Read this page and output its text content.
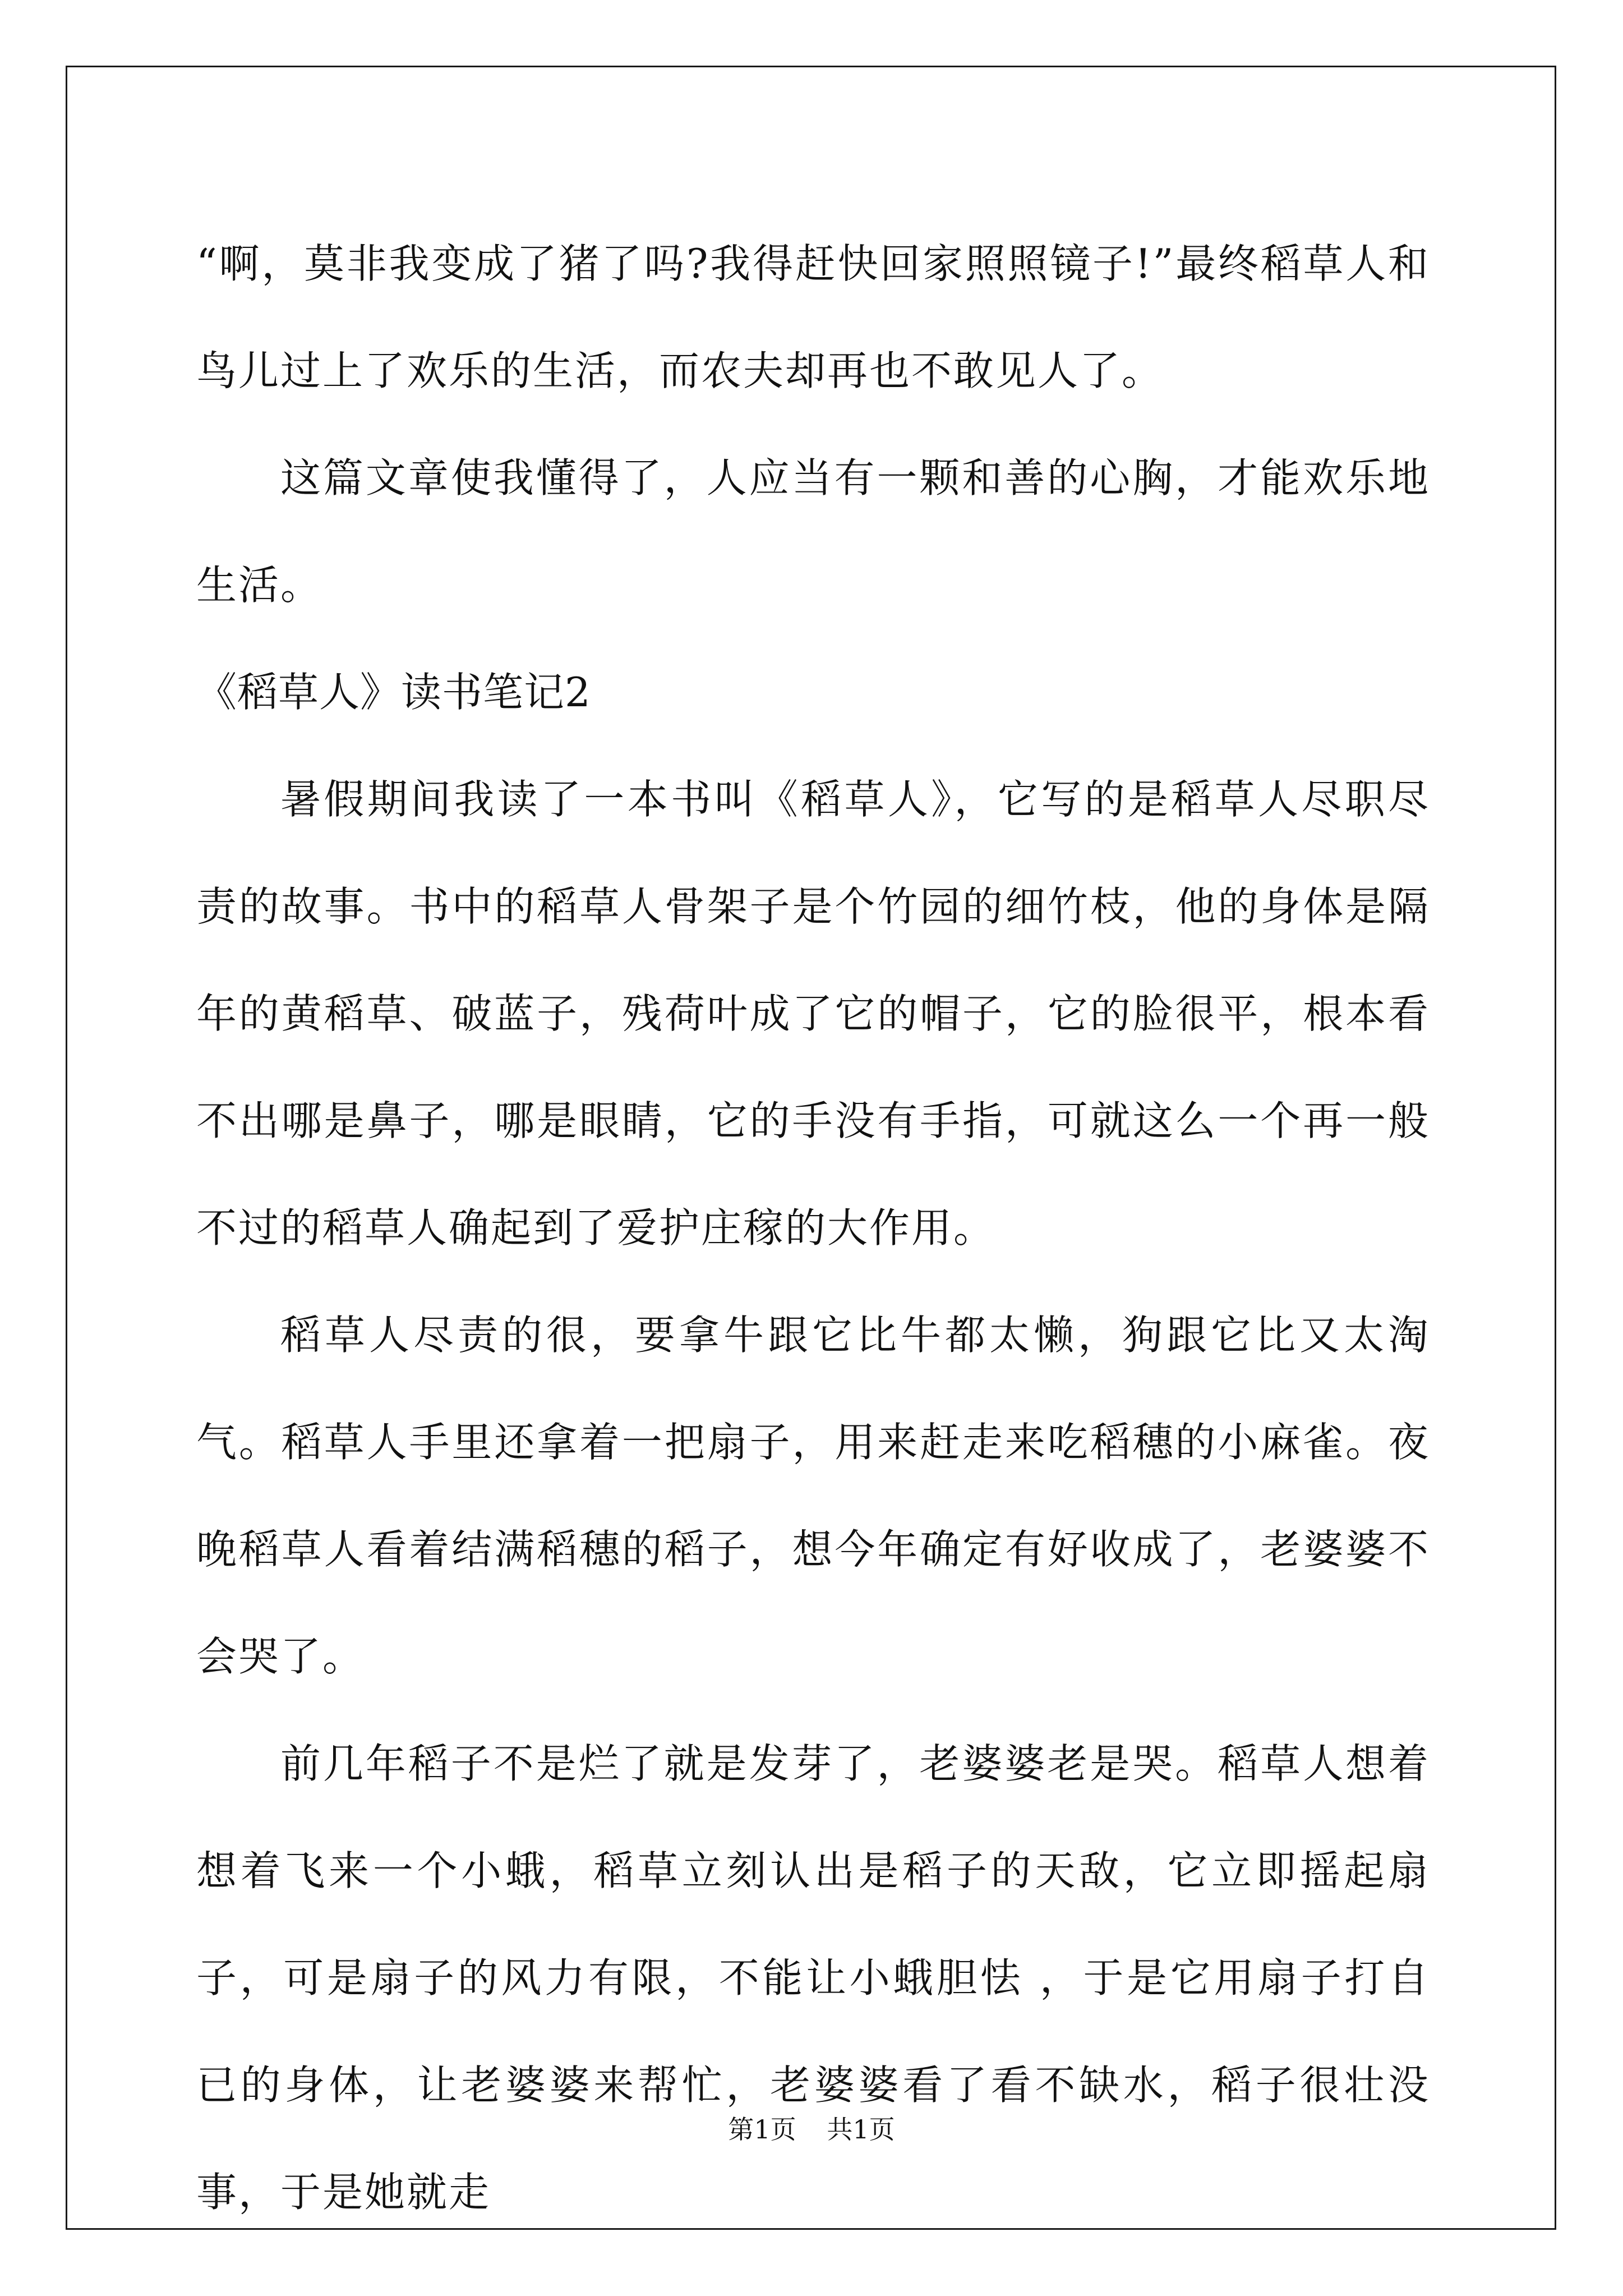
“啊，莫非我变成了猪了吗?我得赶快回家照照镜子!”最终稻草人和鸟儿过上了欢乐的生活，而农夫却再也不敢见人了。

这篇文章使我懂得了，人应当有一颗和善的心胸，才能欢乐地生活。

《稻草人》读书笔记2

暑假期间我读了一本书叫《稻草人》，它写的是稻草人尽职尽责的故事。书中的稻草人骨架子是个竹园的细竹枝，他的身体是隔年的黄稻草、破蓝子，残荷叶成了它的帽子，它的脸很平，根本看不出哪是鼻子，哪是眼睛，它的手没有手指，可就这么一个再一般不过的稻草人确起到了爱护庄稼的大作用。

稻草人尽责的很，要拿牛跟它比牛都太懒，狗跟它比又太淘气。稻草人手里还拿着一把扇子，用来赶走来吃稻穗的小麻雀。夜晚稻草人看着结满稻穗的稻子，想今年确定有好收成了，老婆婆不会哭了。

前几年稻子不是烂了就是发芽了，老婆婆老是哭。稻草人想着想着飞来一个小蛾，稻草立刻认出是稻子的天敌，它立即摇起扇子，可是扇子的风力有限，不能让小蛾胆怯 ，于是它用扇子打自已的身体，让老婆婆来帮忙，老婆婆看了看不缺水，稻子很壮没事，于是她就走

第1页 共1页
